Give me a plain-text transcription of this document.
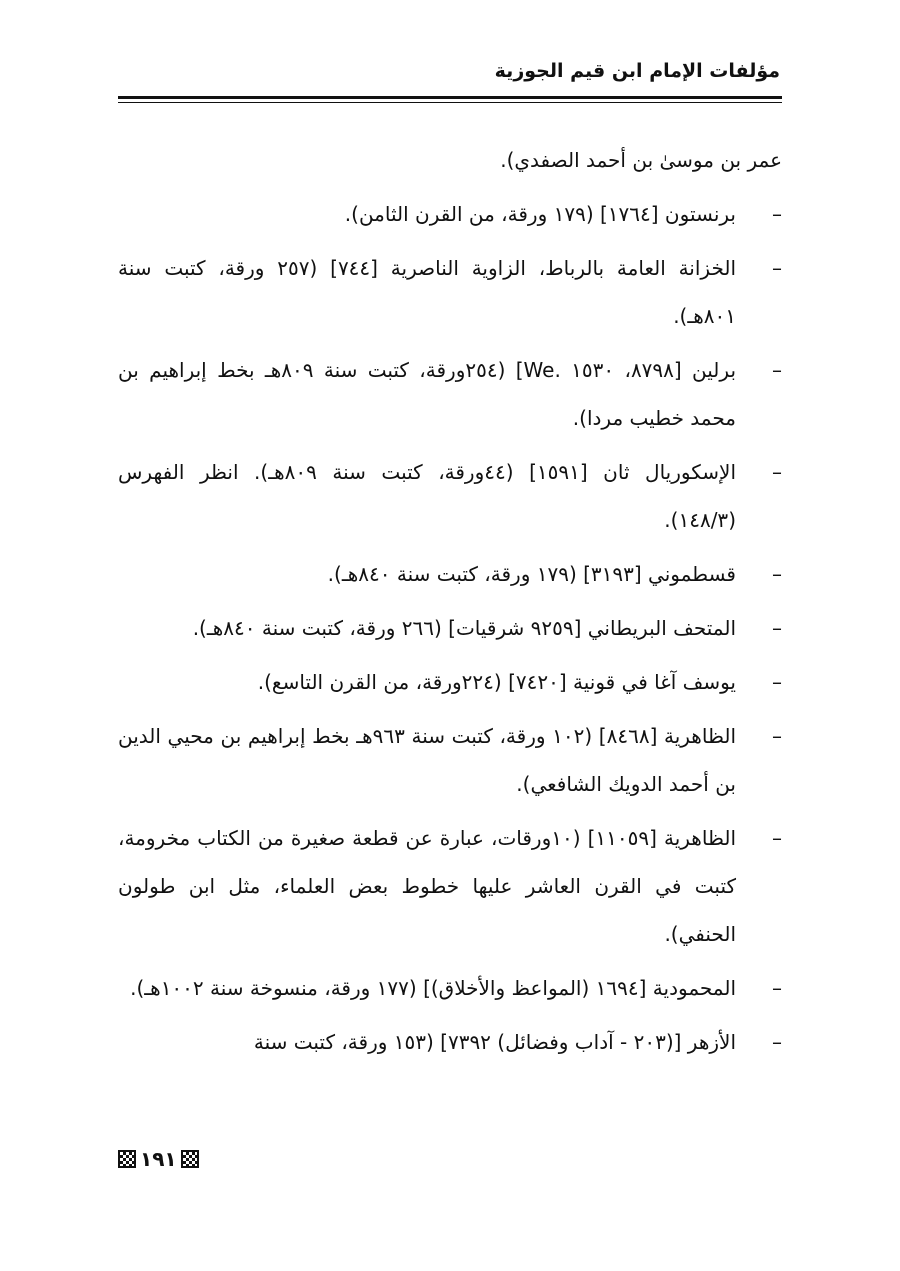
مؤلفات الإمام ابن قيم الجوزية

عمر بن موسىٰ بن أحمد الصفدي).

–
برنستون [١٧٦٤] (١٧٩ ورقة، من القرن الثامن).
–
الخزانة العامة بالرباط، الزاوية الناصرية [٧٤٤] (٢٥٧ ورقة، كتبت سنة ٨٠١هـ).
–
برلين [٨٧٩٨، ١٥٣٠ .We] (٢٥٤ورقة، كتبت سنة ٨٠٩هـ بخط إبراهيم بن محمد خطيب مردا).
–
الإسكوريال ثان [١٥٩١] (٤٤ورقة، كتبت سنة ٨٠٩هـ). انظر الفهرس (١٤٨/٣).
–
قسطموني [٣١٩٣] (١٧٩ ورقة، كتبت سنة ٨٤٠هـ).
–
المتحف البريطاني [٩٢٥٩ شرقيات] (٢٦٦ ورقة، كتبت سنة ٨٤٠هـ).
–
يوسف آغا في قونية [٧٤٢٠] (٢٢٤ورقة، من القرن التاسع).
–
الظاهرية [٨٤٦٨] (١٠٢ ورقة، كتبت سنة ٩٦٣هـ بخط إبراهيم بن محيي الدين بن أحمد الدويك الشافعي).
–
الظاهرية [١١٠٥٩] (١٠ورقات، عبارة عن قطعة صغيرة من الكتاب مخرومة، كتبت في القرن العاشر عليها خطوط بعض العلماء، مثل ابن طولون الحنفي).
–
المحمودية [١٦٩٤ (المواعظ والأخلاق)] (١٧٧ ورقة، منسوخة سنة ١٠٠٢هـ).
–
الأزهر [(٢٠٣ - آداب وفضائل) ٧٣٩٢] (١٥٣ ورقة، كتبت سنة
١٩١
